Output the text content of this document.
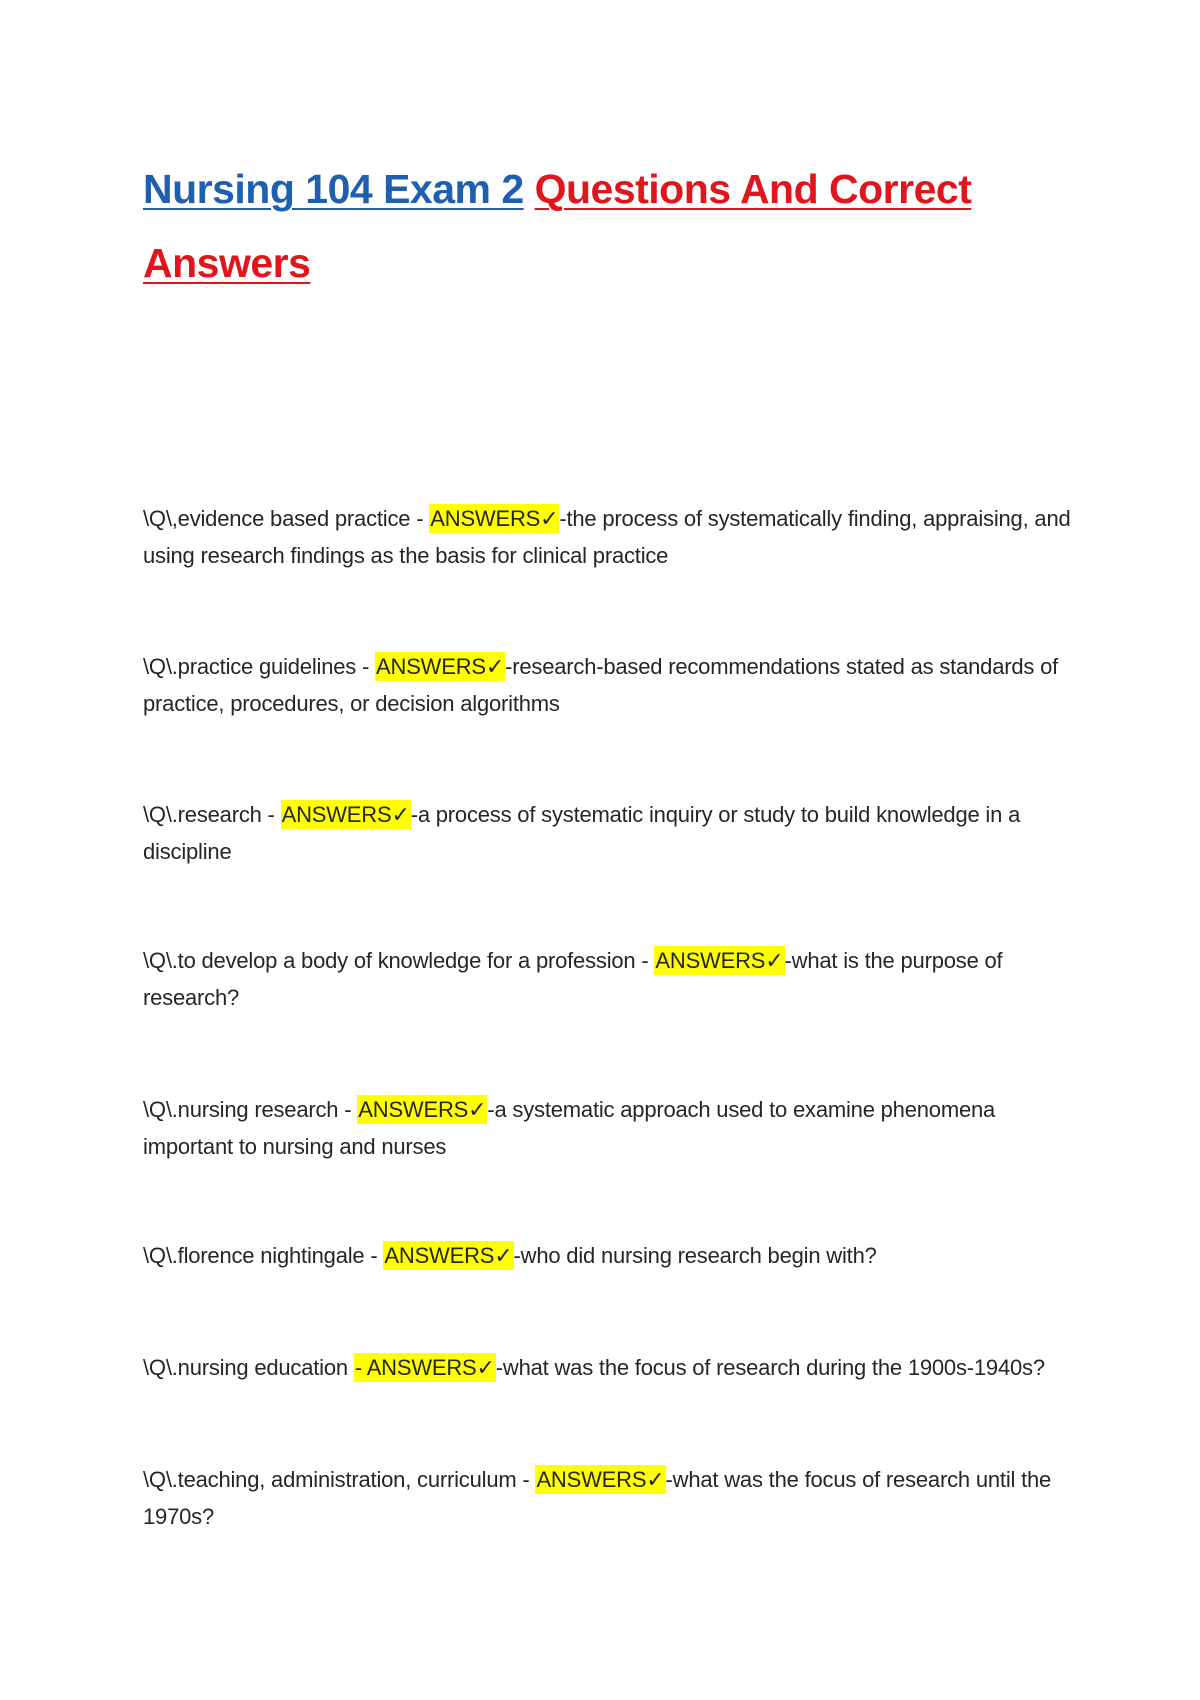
Nursing 104 Exam 2 Questions And Correct Answers
\Q\,evidence based practice - ANSWERS✓-the process of systematically finding, appraising, and using research findings as the basis for clinical practice
\Q\.practice guidelines - ANSWERS✓-research-based recommendations stated as standards of practice, procedures, or decision algorithms
\Q\.research - ANSWERS✓-a process of systematic inquiry or study to build knowledge in a discipline
\Q\.to develop a body of knowledge for a profession - ANSWERS✓-what is the purpose of research?
\Q\.nursing research - ANSWERS✓-a systematic approach used to examine phenomena important to nursing and nurses
\Q\.florence nightingale - ANSWERS✓-who did nursing research begin with?
\Q\.nursing education - ANSWERS✓-what was the focus of research during the 1900s-1940s?
\Q\.teaching, administration, curriculum - ANSWERS✓-what was the focus of research until the 1970s?
